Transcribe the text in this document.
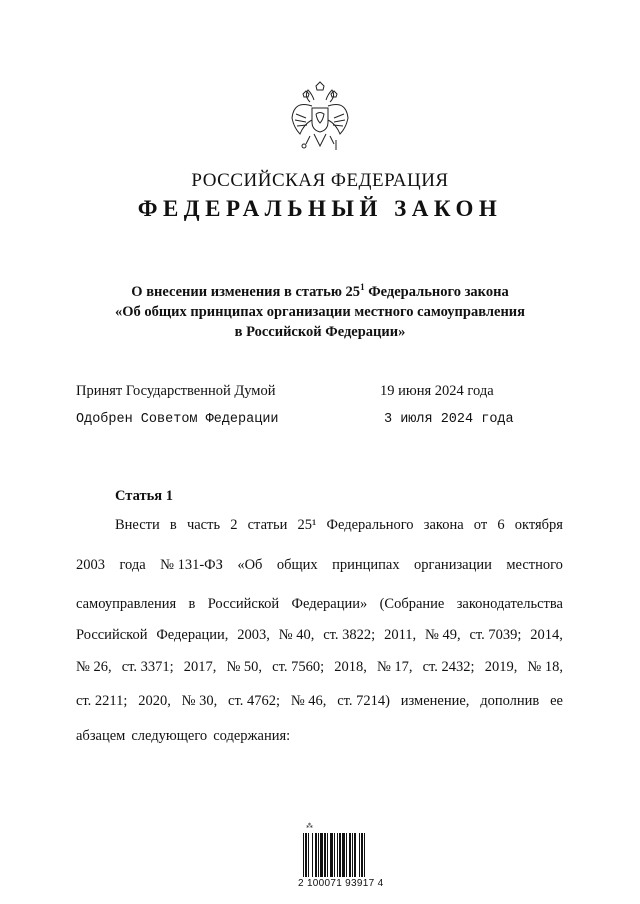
РОССИЙСКАЯ ФЕДЕРАЦИЯ
ФЕДЕРАЛЬНЫЙ ЗАКОН
О внесении изменения в статью $25^1$ Федерального закона
«Об общих принципах организации местного самоуправления
в Российской Федерации»
Принят Государственной Думой	19 июня 2024 года
Одобрен Советом Федерации	3 июля 2024 года
Статья 1
Внести в часть 2 статьи 25¹ Федерального закона от 6 октября
2003 года № 131-ФЗ «Об общих принципах организации местного
самоуправления в Российской Федерации» (Собрание законодательства
Российской Федерации, 2003, № 40, ст. 3822; 2011, № 49, ст. 7039; 2014,
№ 26, ст. 3371; 2017, № 50, ст. 7560; 2018, № 17, ст. 2432; 2019, № 18,
ст. 2211; 2020, № 30, ст. 4762; № 46, ст. 7214) изменение, дополнив ее
абзацем следующего содержания:
⁂
2 100071 93917 4
